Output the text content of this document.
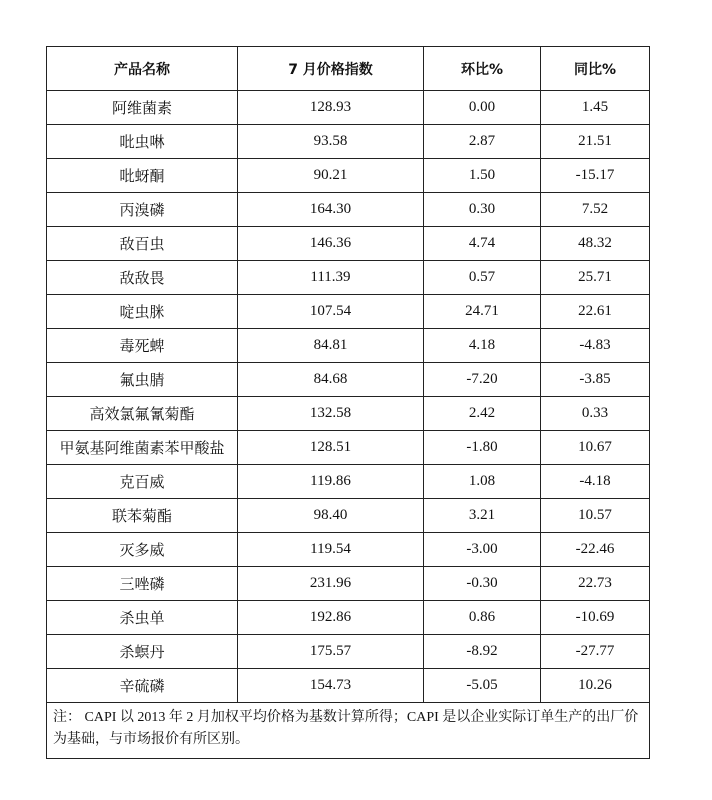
产品名称	7 月价格指数	环比%	同比%
阿维菌素	128.93	0.00	1.45
吡虫啉	93.58	2.87	21.51
吡蚜酮	90.21	1.50	-15.17
丙溴磷	164.30	0.30	7.52
敌百虫	146.36	4.74	48.32
敌敌畏	111.39	0.57	25.71
啶虫脒	107.54	24.71	22.61
毒死蜱	84.81	4.18	-4.83
氟虫腈	84.68	-7.20	-3.85
高效氯氟氰菊酯	132.58	2.42	0.33
甲氨基阿维菌素苯甲酸盐	128.51	-1.80	10.67
克百威	119.86	1.08	-4.18
联苯菊酯	98.40	3.21	10.57
灭多威	119.54	-3.00	-22.46
三唑磷	231.96	-0.30	22.73
杀虫单	192.86	0.86	-10.69
杀螟丹	175.57	-8.92	-27.77
辛硫磷	154.73	-5.05	10.26
注： CAPI 以 2013 年 2 月加权平均价格为基数计算所得；CAPI 是以企业实际订单生产的出厂价为基础，与市场报价有所区别。			
